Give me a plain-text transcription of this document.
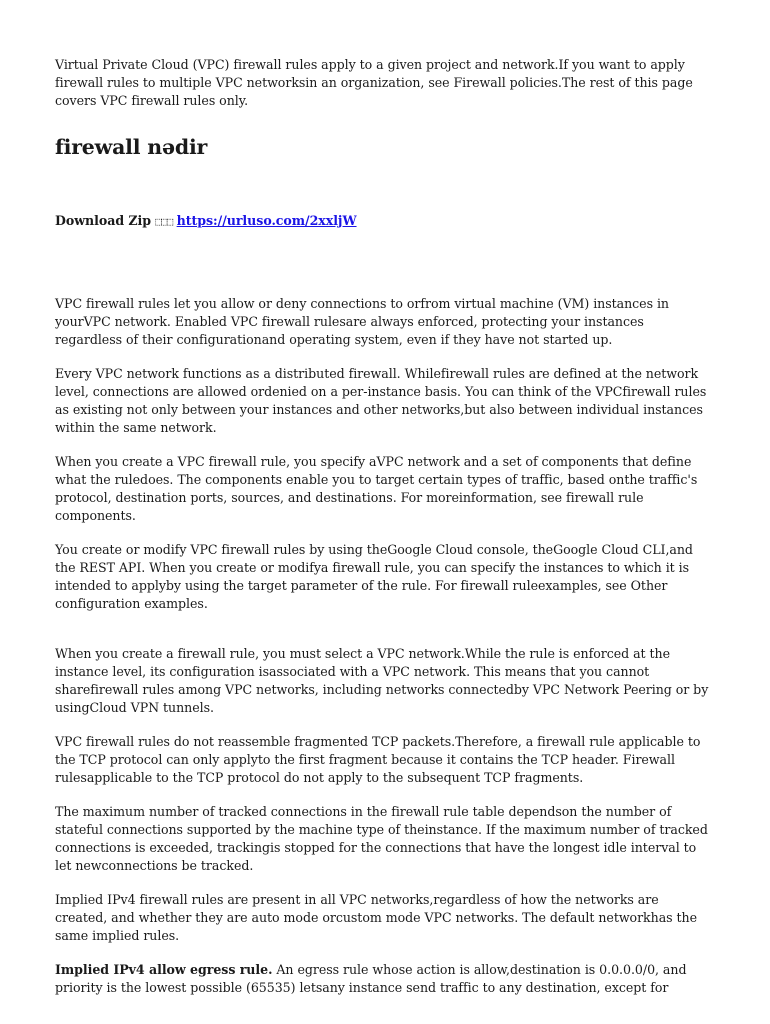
Virtual Private Cloud (VPC) firewall rules apply to a given project and network.If you want to apply firewall rules to multiple VPC networksin an organization, see Firewall policies.The rest of this page covers VPC firewall rules only.

firewall nədir

Download Zip ⬚⬚⬚ https://urluso.com/2xxljW

VPC firewall rules let you allow or deny connections to orfrom virtual machine (VM) instances in yourVPC network. Enabled VPC firewall rulesare always enforced, protecting your instances regardless of their configurationand operating system, even if they have not started up.

Every VPC network functions as a distributed firewall. Whilefirewall rules are defined at the network level, connections are allowed ordenied on a per-instance basis. You can think of the VPCfirewall rules as existing not only between your instances and other networks,but also between individual instances within the same network.

When you create a VPC firewall rule, you specify aVPC network and a set of components that define what the ruledoes. The components enable you to target certain types of traffic, based onthe traffic's protocol, destination ports, sources, and destinations. For moreinformation, see firewall rule components.

You create or modify VPC firewall rules by using theGoogle Cloud console, theGoogle Cloud CLI,and the REST API. When you create or modifya firewall rule, you can specify the instances to which it is intended to applyby using the target parameter of the rule. For firewall ruleexamples, see Other configuration examples.

When you create a firewall rule, you must select a VPC network.While the rule is enforced at the instance level, its configuration isassociated with a VPC network. This means that you cannot sharefirewall rules among VPC networks, including networks connectedby VPC Network Peering or by usingCloud VPN tunnels.

VPC firewall rules do not reassemble fragmented TCP packets.Therefore, a firewall rule applicable to the TCP protocol can only applyto the first fragment because it contains the TCP header. Firewall rulesapplicable to the TCP protocol do not apply to the subsequent TCP fragments.

The maximum number of tracked connections in the firewall rule table dependson the number of stateful connections supported by the machine type of theinstance. If the maximum number of tracked connections is exceeded, trackingis stopped for the connections that have the longest idle interval to let newconnections be tracked.

Implied IPv4 firewall rules are present in all VPC networks,regardless of how the networks are created, and whether they are auto mode orcustom mode VPC networks. The default networkhas the same implied rules.

Implied IPv4 allow egress rule. An egress rule whose action is allow,destination is 0.0.0.0/0, and priority is the lowest possible (65535) letsany instance send traffic to any destination, except for
